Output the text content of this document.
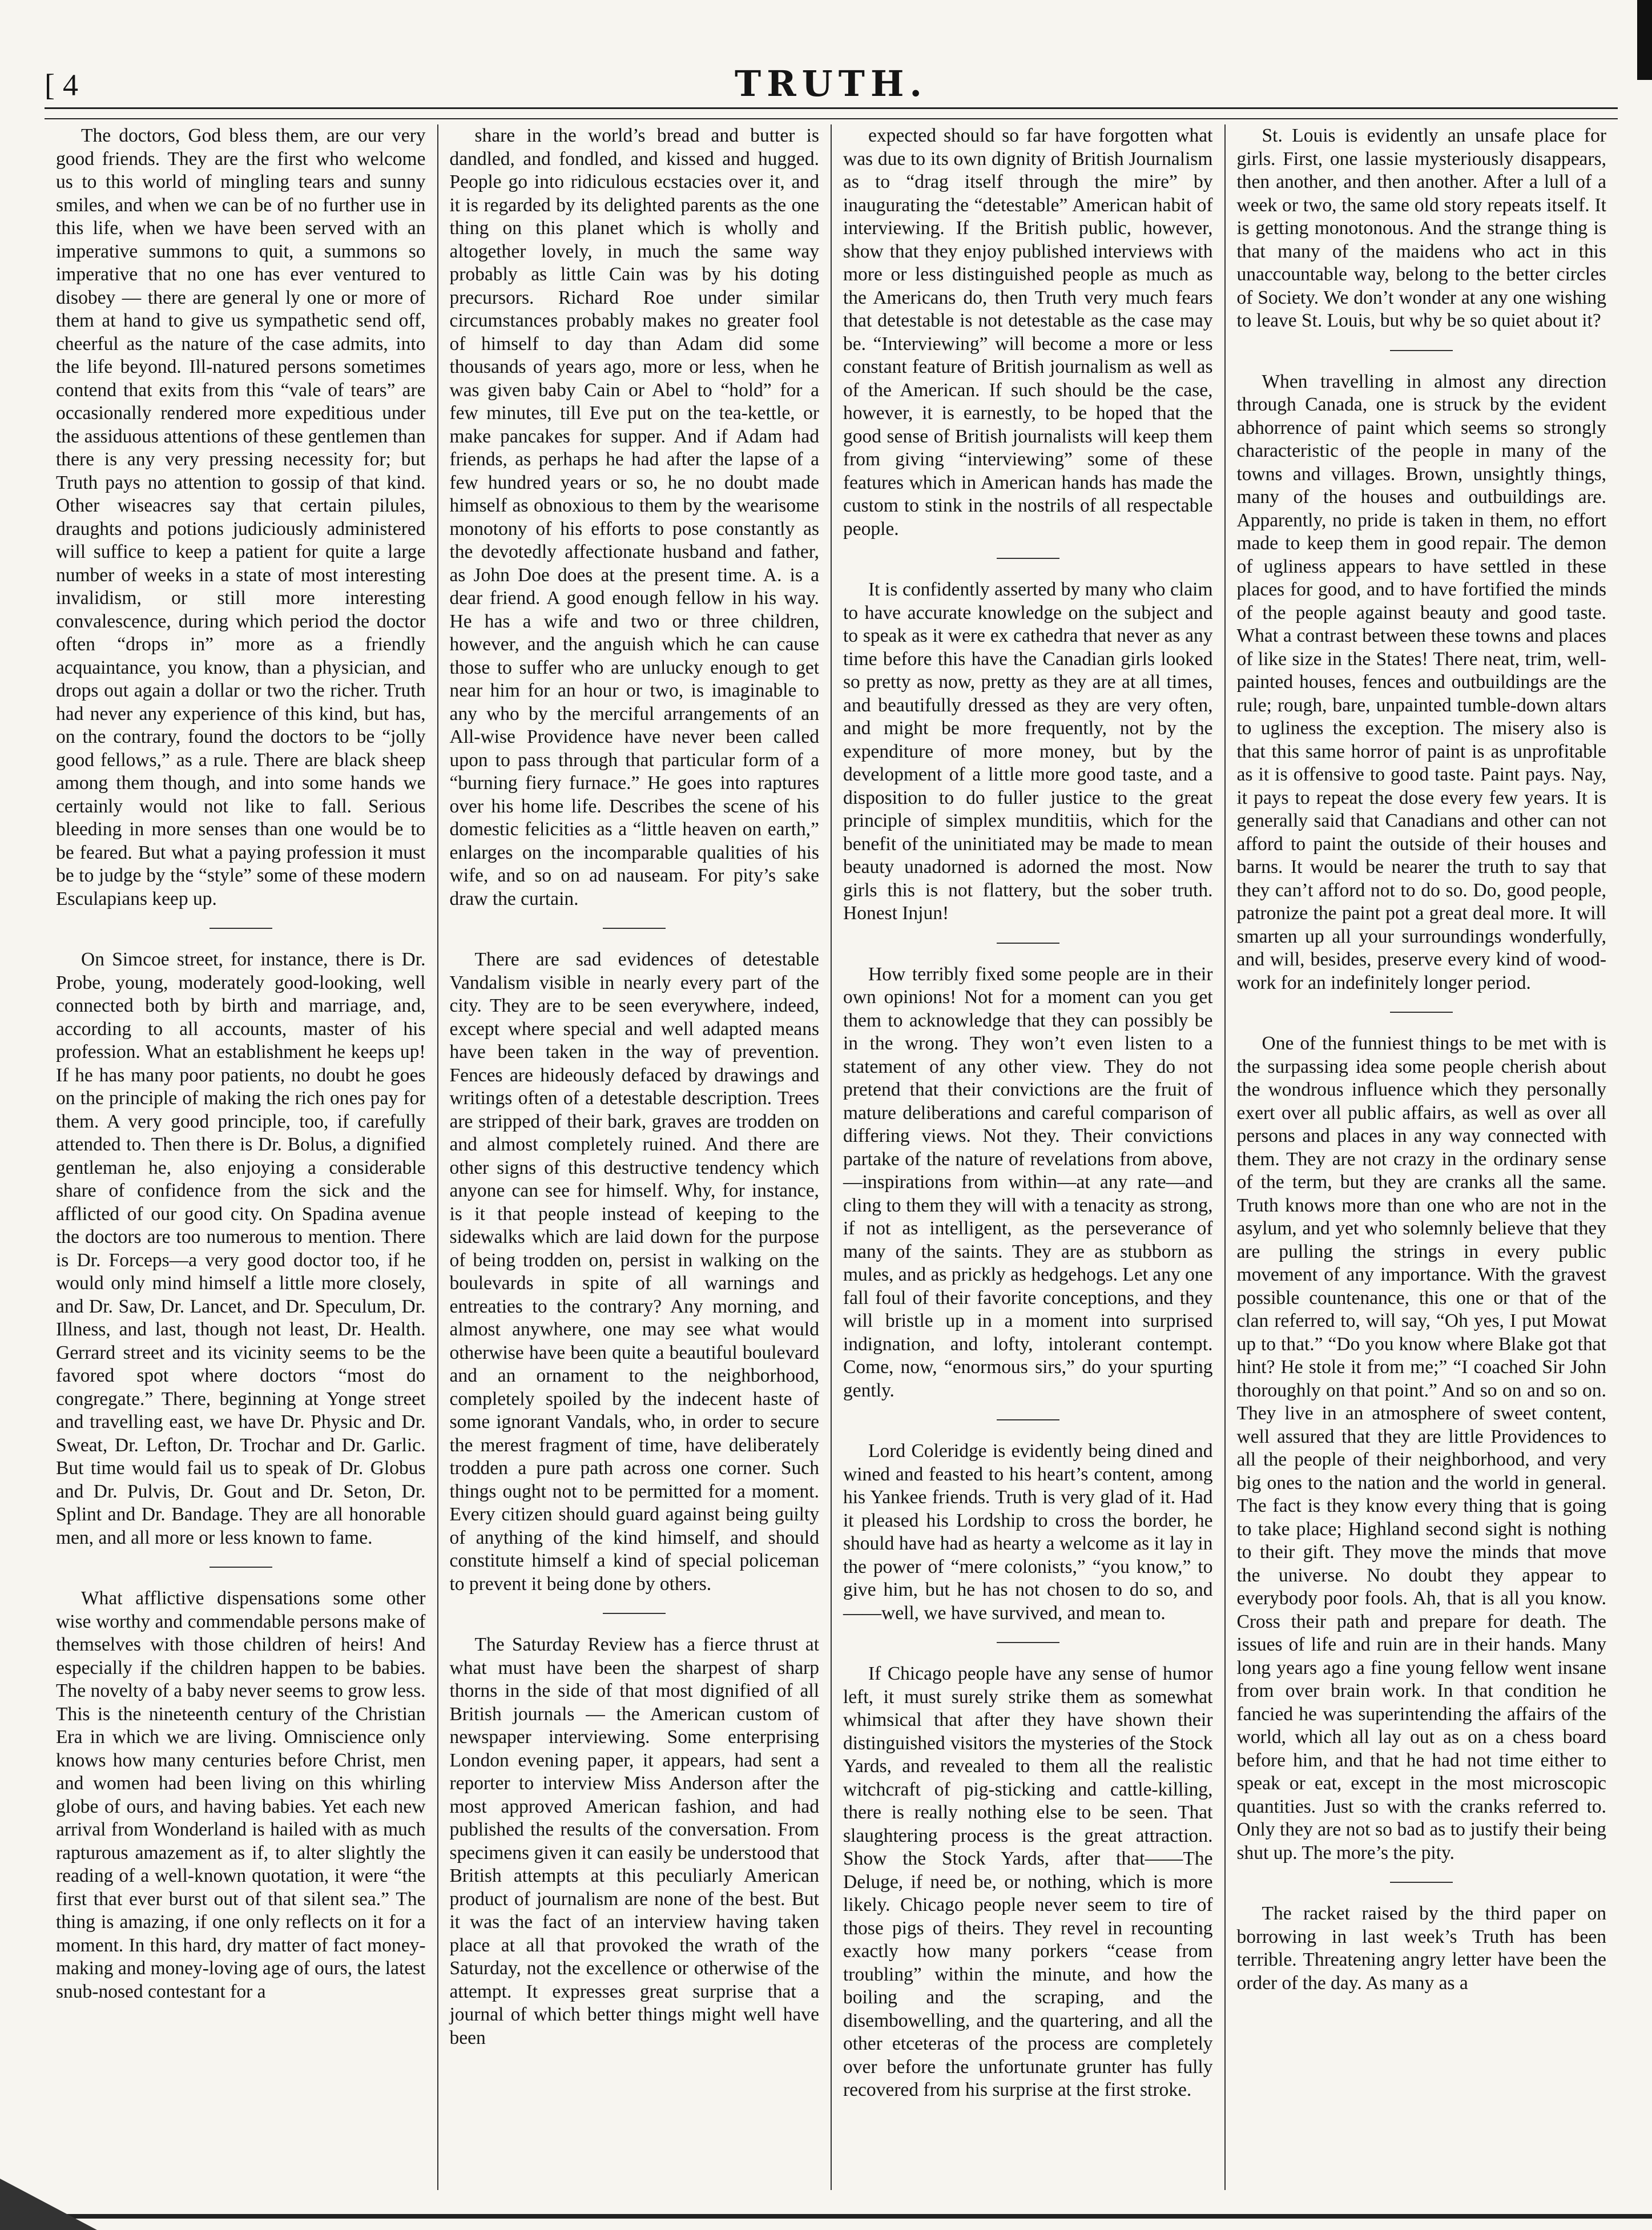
[ 4	TRUTH.

The doctors, God bless them, are our very good friends. They are the first who welcome us to this world of mingling tears and sunny smiles, and when we can be of no further use in this life, when we have been served with an imperative summons to quit, a summons so imperative that no one has ever ventured to disobey — there are general ly one or more of them at hand to give us sympathetic send off, cheerful as the nature of the case admits, into the life beyond. Ill-natured persons sometimes contend that exits from this “vale of tears” are occasionally rendered more expeditious under the assiduous attentions of these gentlemen than there is any very pressing necessity for; but Truth pays no attention to gossip of that kind. Other wiseacres say that certain pilules, draughts and potions judiciously administered will suffice to keep a patient for quite a large number of weeks in a state of most interesting invalidism, or still more interesting convalescence, during which period the doctor often “drops in” more as a friendly acquaintance, you know, than a physician, and drops out again a dollar or two the richer. Truth had never any experience of this kind, but has, on the contrary, found the doctors to be “jolly good fellows,” as a rule. There are black sheep among them though, and into some hands we certainly would not like to fall. Serious bleeding in more senses than one would be to be feared. But what a paying profession it must be to judge by the “style” some of these modern Esculapians keep up.

On Simcoe street, for instance, there is Dr. Probe, young, moderately good-looking, well connected both by birth and marriage, and, according to all accounts, master of his profession. What an establishment he keeps up! If he has many poor patients, no doubt he goes on the principle of making the rich ones pay for them. A very good principle, too, if carefully attended to. Then there is Dr. Bolus, a dignified gentleman he, also enjoying a considerable share of confidence from the sick and the afflicted of our good city. On Spadina avenue the doctors are too numerous to mention. There is Dr. Forceps—a very good doctor too, if he would only mind himself a little more closely, and Dr. Saw, Dr. Lancet, and Dr. Speculum, Dr. Illness, and last, though not least, Dr. Health. Gerrard street and its vicinity seems to be the favored spot where doctors “most do congregate.” There, beginning at Yonge street and travelling east, we have Dr. Physic and Dr. Sweat, Dr. Lefton, Dr. Trochar and Dr. Garlic. But time would fail us to speak of Dr. Globus and Dr. Pulvis, Dr. Gout and Dr. Seton, Dr. Splint and Dr. Bandage. They are all honorable men, and all more or less known to fame.

What afflictive dispensations some other wise worthy and commendable persons make of themselves with those children of heirs! And especially if the children happen to be babies. The novelty of a baby never seems to grow less. This is the nineteenth century of the Christian Era in which we are living. Omniscience only knows how many centuries before Christ, men and women had been living on this whirling globe of ours, and having babies. Yet each new arrival from Wonderland is hailed with as much rapturous amazement as if, to alter slightly the reading of a well-known quotation, it were “the first that ever burst out of that silent sea.” The thing is amazing, if one only reflects on it for a moment. In this hard, dry matter of fact money-making and money-loving age of ours, the latest snub-nosed contestant for a

share in the world’s bread and butter is dandled, and fondled, and kissed and hugged. People go into ridiculous ecstacies over it, and it is regarded by its delighted parents as the one thing on this planet which is wholly and altogether lovely, in much the same way probably as little Cain was by his doting precursors. Richard Roe under similar circumstances probably makes no greater fool of himself to day than Adam did some thousands of years ago, more or less, when he was given baby Cain or Abel to “hold” for a few minutes, till Eve put on the tea-kettle, or make pancakes for supper. And if Adam had friends, as perhaps he had after the lapse of a few hundred years or so, he no doubt made himself as obnoxious to them by the wearisome monotony of his efforts to pose constantly as the devotedly affectionate husband and father, as John Doe does at the present time. A. is a dear friend. A good enough fellow in his way. He has a wife and two or three children, however, and the anguish which he can cause those to suffer who are unlucky enough to get near him for an hour or two, is imaginable to any who by the merciful arrangements of an All-wise Providence have never been called upon to pass through that particular form of a “burning fiery furnace.” He goes into raptures over his home life. Describes the scene of his domestic felicities as a “little heaven on earth,” enlarges on the incomparable qualities of his wife, and so on ad nauseam. For pity’s sake draw the curtain.

There are sad evidences of detestable Vandalism visible in nearly every part of the city. They are to be seen everywhere, indeed, except where special and well adapted means have been taken in the way of prevention. Fences are hideously defaced by drawings and writings often of a detestable description. Trees are stripped of their bark, graves are trodden on and almost completely ruined. And there are other signs of this destructive tendency which anyone can see for himself. Why, for instance, is it that people instead of keeping to the sidewalks which are laid down for the purpose of being trodden on, persist in walking on the boulevards in spite of all warnings and entreaties to the contrary? Any morning, and almost anywhere, one may see what would otherwise have been quite a beautiful boulevard and an ornament to the neighborhood, completely spoiled by the indecent haste of some ignorant Vandals, who, in order to secure the merest fragment of time, have deliberately trodden a pure path across one corner. Such things ought not to be permitted for a moment. Every citizen should guard against being guilty of anything of the kind himself, and should constitute himself a kind of special policeman to prevent it being done by others.

The Saturday Review has a fierce thrust at what must have been the sharpest of sharp thorns in the side of that most dignified of all British journals — the American custom of newspaper interviewing. Some enterprising London evening paper, it appears, had sent a reporter to interview Miss Anderson after the most approved American fashion, and had published the results of the conversation. From specimens given it can easily be understood that British attempts at this peculiarly American product of journalism are none of the best. But it was the fact of an interview having taken place at all that provoked the wrath of the Saturday, not the excellence or otherwise of the attempt. It expresses great surprise that a journal of which better things might well have been

expected should so far have forgotten what was due to its own dignity of British Journalism as to “drag itself through the mire” by inaugurating the “detestable” American habit of interviewing. If the British public, however, show that they enjoy published interviews with more or less distinguished people as much as the Americans do, then Truth very much fears that detestable is not detestable as the case may be. “Interviewing” will become a more or less constant feature of British journalism as well as of the American. If such should be the case, however, it is earnestly, to be hoped that the good sense of British journalists will keep them from giving “interviewing” some of these features which in American hands has made the custom to stink in the nostrils of all respectable people.

It is confidently asserted by many who claim to have accurate knowledge on the subject and to speak as it were ex cathedra that never as any time before this have the Canadian girls looked so pretty as now, pretty as they are at all times, and beautifully dressed as they are very often, and might be more frequently, not by the expenditure of more money, but by the development of a little more good taste, and a disposition to do fuller justice to the great principle of simplex munditiis, which for the benefit of the uninitiated may be made to mean beauty unadorned is adorned the most. Now girls this is not flattery, but the sober truth. Honest Injun!

How terribly fixed some people are in their own opinions! Not for a moment can you get them to acknowledge that they can possibly be in the wrong. They won’t even listen to a statement of any other view. They do not pretend that their convictions are the fruit of mature deliberations and careful comparison of differing views. Not they. Their convictions partake of the nature of revelations from above,—inspirations from within—at any rate—and cling to them they will with a tenacity as strong, if not as intelligent, as the perseverance of many of the saints. They are as stubborn as mules, and as prickly as hedgehogs. Let any one fall foul of their favorite conceptions, and they will bristle up in a moment into surprised indignation, and lofty, intolerant contempt. Come, now, “enormous sirs,” do your spurting gently.

Lord Coleridge is evidently being dined and wined and feasted to his heart’s content, among his Yankee friends. Truth is very glad of it. Had it pleased his Lordship to cross the border, he should have had as hearty a welcome as it lay in the power of “mere colonists,” “you know,” to give him, but he has not chosen to do so, and——well, we have survived, and mean to.

If Chicago people have any sense of humor left, it must surely strike them as somewhat whimsical that after they have shown their distinguished visitors the mysteries of the Stock Yards, and revealed to them all the realistic witchcraft of pig-sticking and cattle-killing, there is really nothing else to be seen. That slaughtering process is the great attraction. Show the Stock Yards, after that——The Deluge, if need be, or nothing, which is more likely. Chicago people never seem to tire of those pigs of theirs. They revel in recounting exactly how many porkers “cease from troubling” within the minute, and how the boiling and the scraping, and the disembowelling, and the quartering, and all the other etceteras of the process are completely over before the unfortunate grunter has fully recovered from his surprise at the first stroke.

St. Louis is evidently an unsafe place for girls. First, one lassie mysteriously disappears, then another, and then another. After a lull of a week or two, the same old story repeats itself. It is getting monotonous. And the strange thing is that many of the maidens who act in this unaccountable way, belong to the better circles of Society. We don’t wonder at any one wishing to leave St. Louis, but why be so quiet about it?

When travelling in almost any direction through Canada, one is struck by the evident abhorrence of paint which seems so strongly characteristic of the people in many of the towns and villages. Brown, unsightly things, many of the houses and outbuildings are. Apparently, no pride is taken in them, no effort made to keep them in good repair. The demon of ugliness appears to have settled in these places for good, and to have fortified the minds of the people against beauty and good taste. What a contrast between these towns and places of like size in the States! There neat, trim, well-painted houses, fences and outbuildings are the rule; rough, bare, unpainted tumble-down altars to ugliness the exception. The misery also is that this same horror of paint is as unprofitable as it is offensive to good taste. Paint pays. Nay, it pays to repeat the dose every few years. It is generally said that Canadians and other can not afford to paint the outside of their houses and barns. It would be nearer the truth to say that they can’t afford not to do so. Do, good people, patronize the paint pot a great deal more. It will smarten up all your surroundings wonderfully, and will, besides, preserve every kind of wood-work for an indefinitely longer period.

One of the funniest things to be met with is the surpassing idea some people cherish about the wondrous influence which they personally exert over all public affairs, as well as over all persons and places in any way connected with them. They are not crazy in the ordinary sense of the term, but they are cranks all the same. Truth knows more than one who are not in the asylum, and yet who solemnly believe that they are pulling the strings in every public movement of any importance. With the gravest possible countenance, this one or that of the clan referred to, will say, “Oh yes, I put Mowat up to that.” “Do you know where Blake got that hint? He stole it from me;” “I coached Sir John thoroughly on that point.” And so on and so on. They live in an atmosphere of sweet content, well assured that they are little Providences to all the people of their neighborhood, and very big ones to the nation and the world in general. The fact is they know every thing that is going to take place; Highland second sight is nothing to their gift. They move the minds that move the universe. No doubt they appear to everybody poor fools. Ah, that is all you know. Cross their path and prepare for death. The issues of life and ruin are in their hands. Many long years ago a fine young fellow went insane from over brain work. In that condition he fancied he was superintending the affairs of the world, which all lay out as on a chess board before him, and that he had not time either to speak or eat, except in the most microscopic quantities. Just so with the cranks referred to. Only they are not so bad as to justify their being shut up. The more’s the pity.

The racket raised by the third paper on borrowing in last week’s Truth has been terrible. Threatening angry letter have been the order of the day. As many as a
